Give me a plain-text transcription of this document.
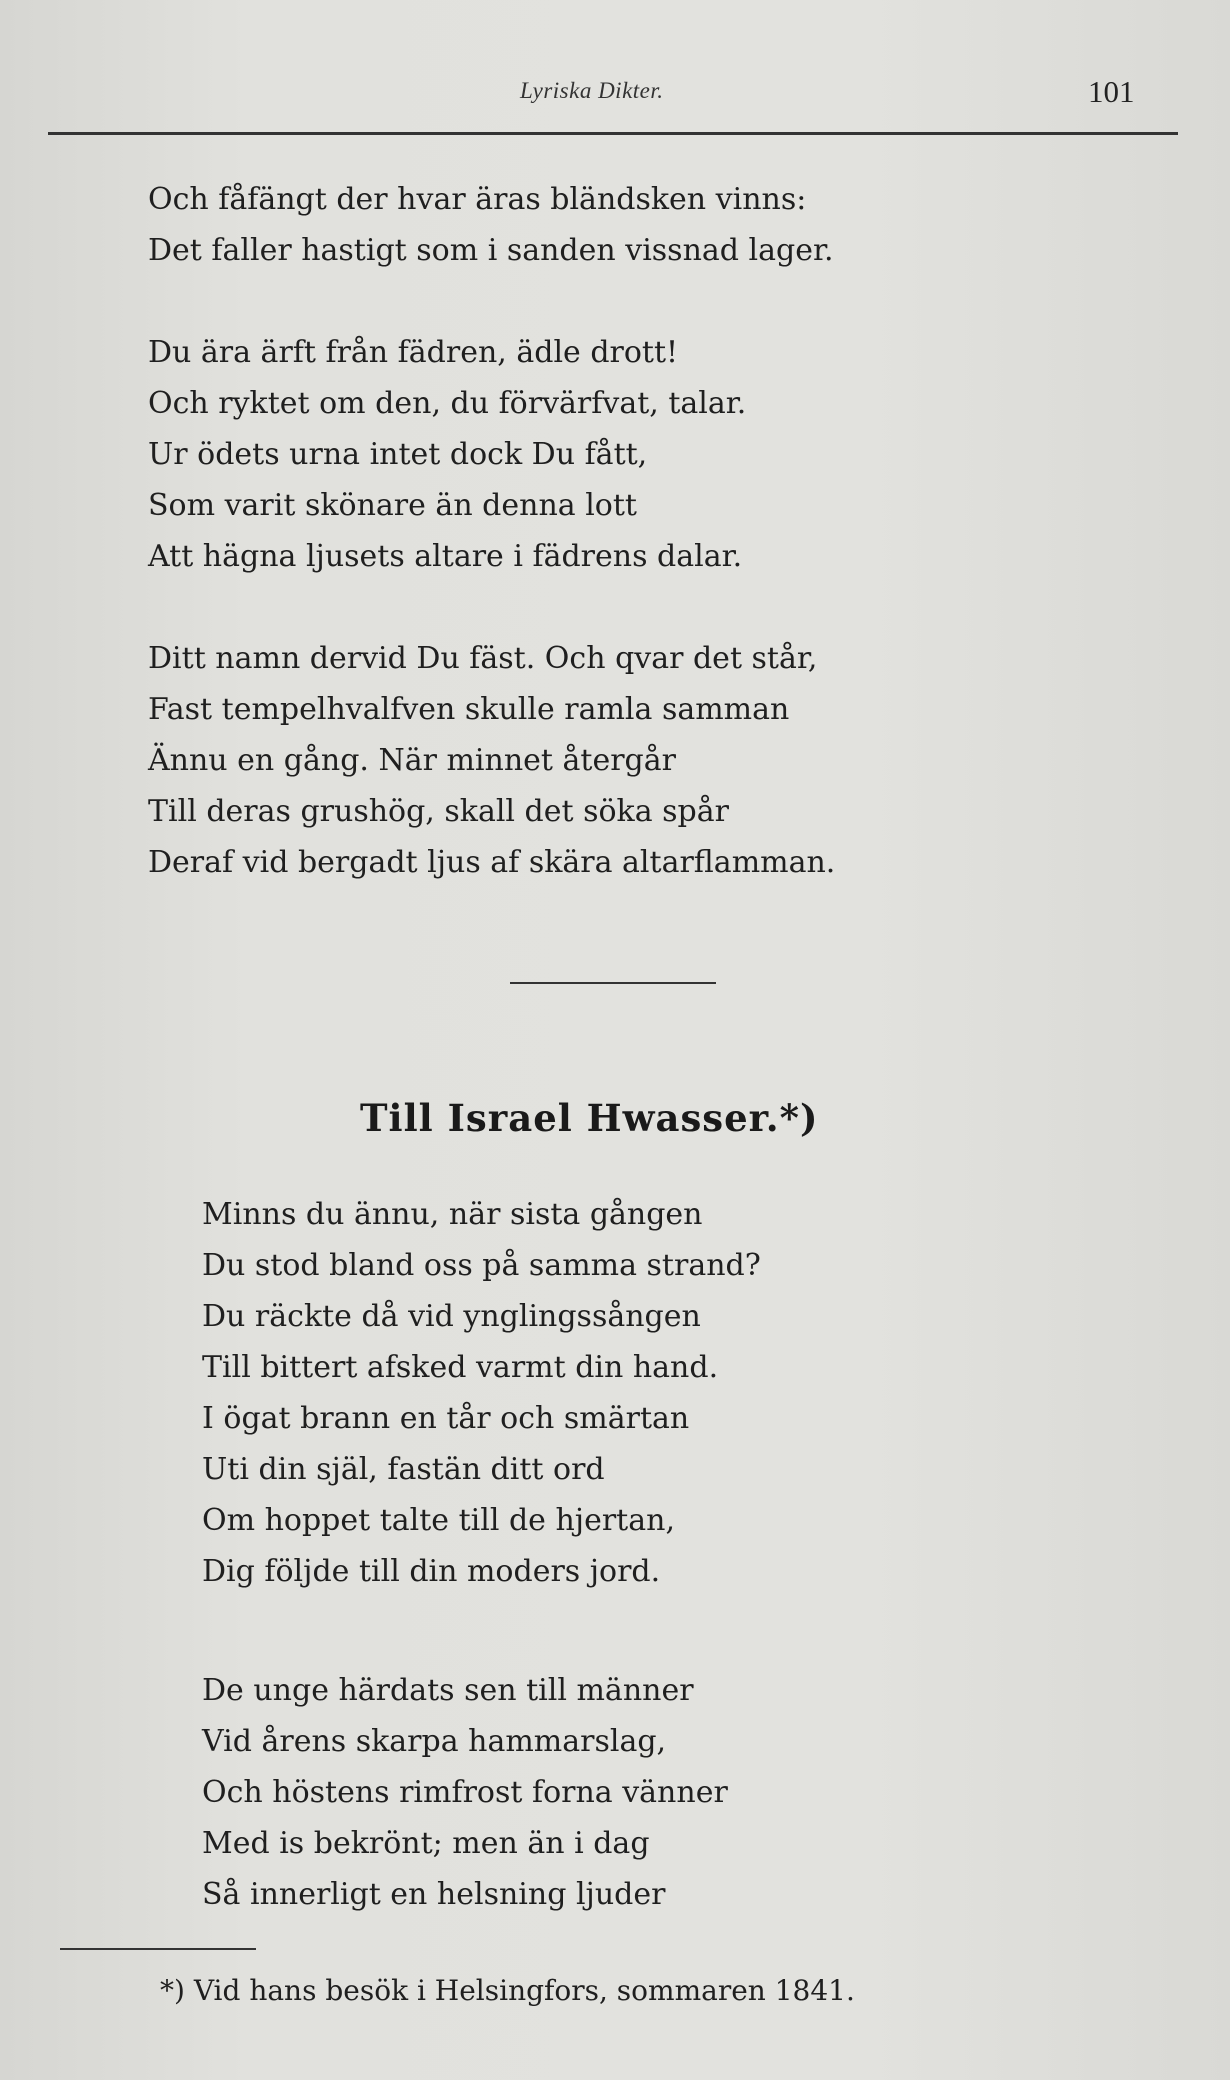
Lyriska Dikter.	101
Och fåfängt der hvar äras bländsken vinns:
Det faller hastigt som i sanden vissnad lager.
Du ära ärft från fädren, ädle drott!
Och ryktet om den, du förvärfvat, talar.
Ur ödets urna intet dock Du fått,
Som varit skönare än denna lott
Att hägna ljusets altare i fädrens dalar.
Ditt namn dervid Du fäst. Och qvar det står,
Fast tempelhvalfven skulle ramla samman
Ännu en gång. När minnet återgår
Till deras grushög, skall det söka spår
Deraf vid bergadt ljus af skära altarflamman.
Till Israel Hwasser.*)
Minns du ännu, när sista gången
Du stod bland oss på samma strand?
Du räckte då vid ynglingssången
Till bittert afsked varmt din hand.
I ögat brann en tår och smärtan
Uti din själ, fastän ditt ord
Om hoppet talte till de hjertan,
Dig följde till din moders jord.
De unge härdats sen till männer
Vid årens skarpa hammarslag,
Och höstens rimfrost forna vänner
Med is bekrönt; men än i dag
Så innerligt en helsning ljuder
*) Vid hans besök i Helsingfors, sommaren 1841.
